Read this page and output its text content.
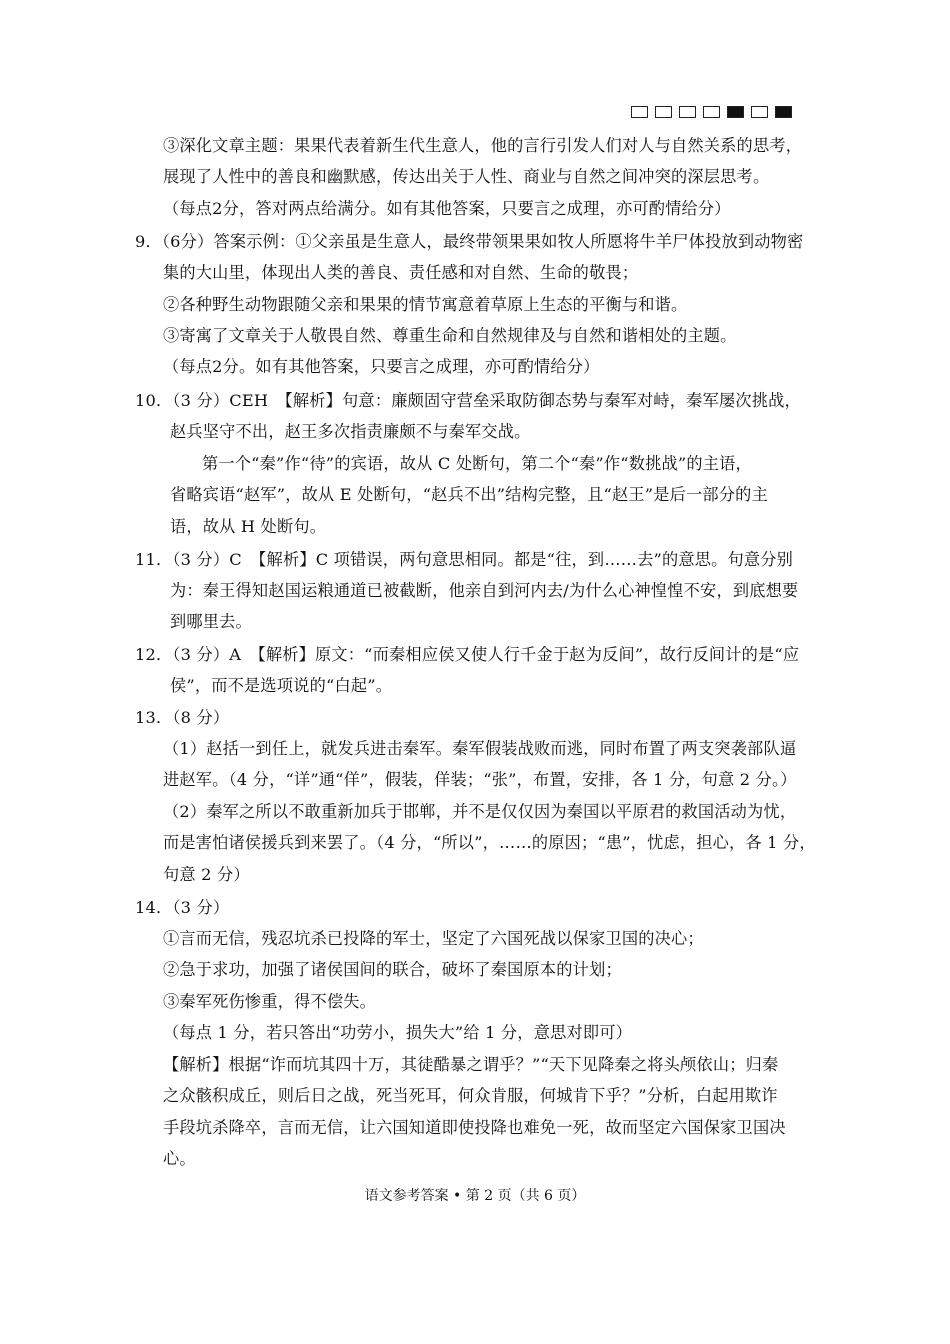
③深化文章主题：果果代表着新生代生意人，他的言行引发人们对人与自然关系的思考，
展现了人性中的善良和幽默感，传达出关于人性、商业与自然之间冲突的深层思考。
（每点2分，答对两点给满分。如有其他答案，只要言之成理，亦可酌情给分）
9．（6分）答案示例：①父亲虽是生意人，最终带领果果如牧人所愿将牛羊尸体投放到动物密
集的大山里，体现出人类的善良、责任感和对自然、生命的敬畏；
②各种野生动物跟随父亲和果果的情节寓意着草原上生态的平衡与和谐。
③寄寓了文章关于人敬畏自然、尊重生命和自然规律及与自然和谐相处的主题。
（每点2分。如有其他答案，只要言之成理，亦可酌情给分）
10．（3 分）CEH　【解析】句意：廉颇固守营垒采取防御态势与秦军对峙，秦军屡次挑战，
赵兵坚守不出，赵王多次指责廉颇不与秦军交战。
第一个“秦”作“待”的宾语，故从 C 处断句，第二个“秦”作“数挑战”的主语，
省略宾语“赵军”，故从 E 处断句，“赵兵不出”结构完整，且“赵王”是后一部分的主
语，故从 H 处断句。
11．（3 分）C　【解析】C 项错误，两句意思相同。都是“往，到……去”的意思。句意分别
为：秦王得知赵国运粮通道已被截断，他亲自到河内去/为什么心神惶惶不安，到底想要
到哪里去。
12．（3 分）A　【解析】原文：“而秦相应侯又使人行千金于赵为反间”，故行反间计的是“应
侯”，而不是选项说的“白起”。
13．（8 分）
（1）赵括一到任上，就发兵进击秦军。秦军假装战败而逃，同时布置了两支突袭部队逼
进赵军。（4 分，“详”通“佯”，假装，佯装；“张”，布置，安排，各 1 分，句意 2 分。）
（2）秦军之所以不敢重新加兵于邯郸，并不是仅仅因为秦国以平原君的救国活动为忧，
而是害怕诸侯援兵到来罢了。（4 分，“所以”，……的原因；“患”，忧虑，担心，各 1 分，
句意 2 分）
14．（3 分）
①言而无信，残忍坑杀已投降的军士，坚定了六国死战以保家卫国的决心；
②急于求功，加强了诸侯国间的联合，破坏了秦国原本的计划；
③秦军死伤惨重，得不偿失。
（每点 1 分，若只答出“功劳小，损失大”给 1 分，意思对即可）
【解析】根据“诈而坑其四十万，其徒酷暴之谓乎？”“天下见降秦之将头颅依山；归秦
之众骸积成丘，则后日之战，死当死耳，何众肯服，何城肯下乎？”分析，白起用欺诈
手段坑杀降卒，言而无信，让六国知道即使投降也难免一死，故而坚定六国保家卫国决
心。
语文参考答案 • 第 2 页（共 6 页）
